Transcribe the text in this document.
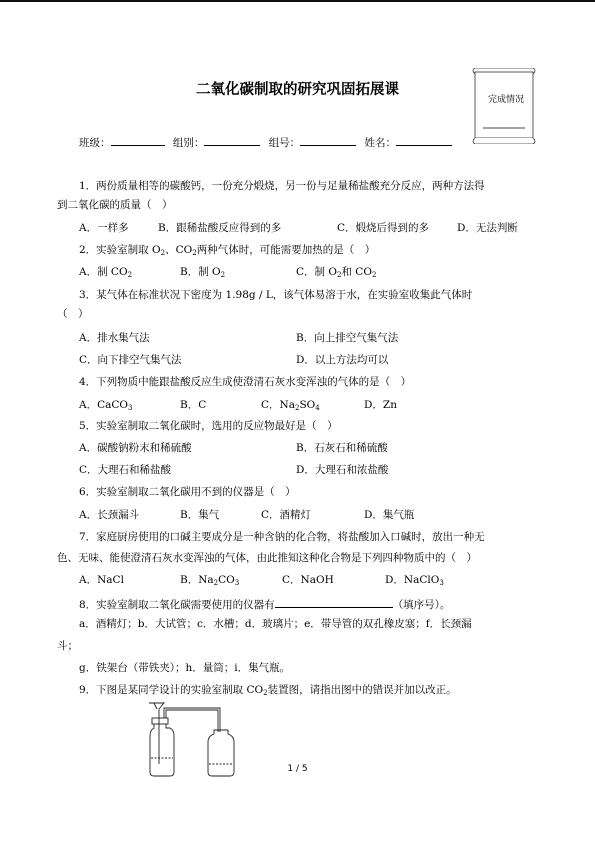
二氧化碳制取的研究巩固拓展课
完成情况
班级：	组别：	组号：	姓名：
1．两份质量相等的碳酸钙，一份充分煅烧，另一份与足量稀盐酸充分反应，两种方法得
到二氧化碳的质量（　）
A．一样多	B．跟稀盐酸反应得到的多	C．煅烧后得到的多	D．无法判断
2．实验室制取 $O_2$、$CO_2$两种气体时，可能需要加热的是（　）
A．制 $CO_2$	B．制 $O_2$	C．制 $O_2$和 $CO_2$
3．某气体在标准状况下密度为 1.98g / L，该气体易溶于水，在实验室收集此气体时
（　）
A．排水集气法	B．向上排空气集气法
C．向下排空气集气法	D．以上方法均可以
4．下列物质中能跟盐酸反应生成使澄清石灰水变浑浊的气体的是（　）
A．CaCO$_3$	B．C	C．$Na_2SO_4$	D．Zn
5．实验室制取二氧化碳时，选用的反应物最好是（　）
A．碳酸钠粉末和稀硫酸	B．石灰石和稀硫酸
C．大理石和稀盐酸	D．大理石和浓盐酸
6．实验室制取二氧化碳用不到的仪器是（　）
A．长颈漏斗	B．集气	C．酒精灯	D．集气瓶
7．家庭厨房使用的口碱主要成分是一种含钠的化合物，将盐酸加入口碱时，放出一种无
色、无味、能使澄清石灰水变浑浊的气体，由此推知这种化合物是下列四种物质中的（　）
A．NaCl	B．$Na_2CO_3$	C．NaOH	D．NaClO$_3$
8．实验室制取二氧化碳需要使用的仪器有	（填序号）。
a．酒精灯；b．大试管；c．水槽；d．玻璃片；e．带导管的双孔橡皮塞；f．长颈漏
斗；
g．铁架台（带铁夹）；h．量筒；i．集气瓶。
9．下图是某同学设计的实验室制取 $CO_2$装置图，请指出图中的错误并加以改正。
1 / 5
